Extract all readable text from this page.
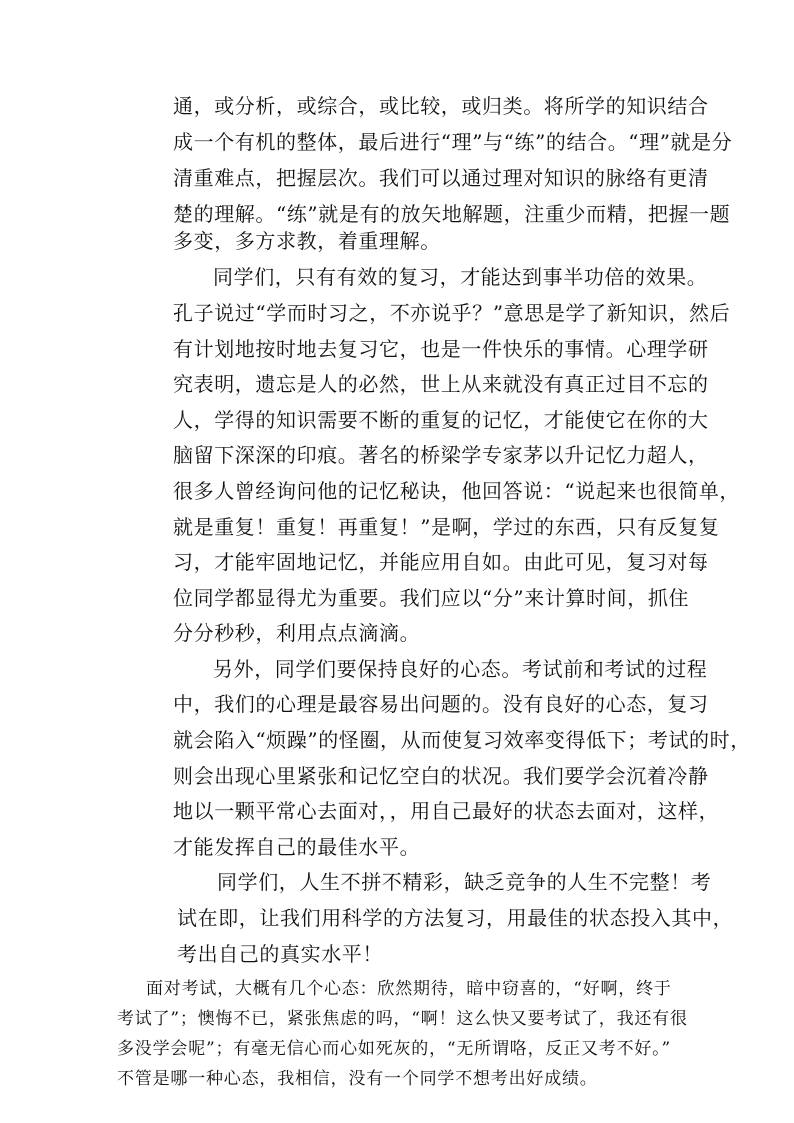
通，或分析，或综合，或比较，或归类。将所学的知识结合
成一个有机的整体，最后进行“理”与“练”的结合。“理”就是分
清重难点，把握层次。我们可以通过理对知识的脉络有更清
楚的理解。“练”就是有的放矢地解题，注重少而精，把握一题
多变，多方求教，着重理解。
同学们，只有有效的复习，才能达到事半功倍的效果。
孔子说过“学而时习之，不亦说乎？”意思是学了新知识，然后
有计划地按时地去复习它，也是一件快乐的事情。心理学研
究表明，遗忘是人的必然，世上从来就没有真正过目不忘的
人，学得的知识需要不断的重复的记忆，才能使它在你的大
脑留下深深的印痕。著名的桥梁学专家茅以升记忆力超人，
很多人曾经询问他的记忆秘诀，他回答说：“说起来也很简单，
就是重复！重复！再重复！”是啊，学过的东西，只有反复复
习，才能牢固地记忆，并能应用自如。由此可见，复习对每
位同学都显得尤为重要。我们应以“分”来计算时间，抓住
分分秒秒，利用点点滴滴。
另外，同学们要保持良好的心态。考试前和考试的过程
中，我们的心理是最容易出问题的。没有良好的心态，复习
就会陷入“烦躁”的怪圈，从而使复习效率变得低下；考试的时，
则会出现心里紧张和记忆空白的状况。我们要学会沉着冷静
地以一颗平常心去面对，，用自己最好的状态去面对，这样，
才能发挥自己的最佳水平。
同学们，人生不拼不精彩，缺乏竞争的人生不完整！考
试在即，让我们用科学的方法复习，用最佳的状态投入其中，
考出自己的真实水平！
面对考试，大概有几个心态：欣然期待，暗中窃喜的，“好啊，终于
考试了”；懊悔不已，紧张焦虑的吗，“啊！这么快又要考试了，我还有很
多没学会呢”；有毫无信心而心如死灰的，“无所谓咯，反正又考不好。”
不管是哪一种心态，我相信，没有一个同学不想考出好成绩。
